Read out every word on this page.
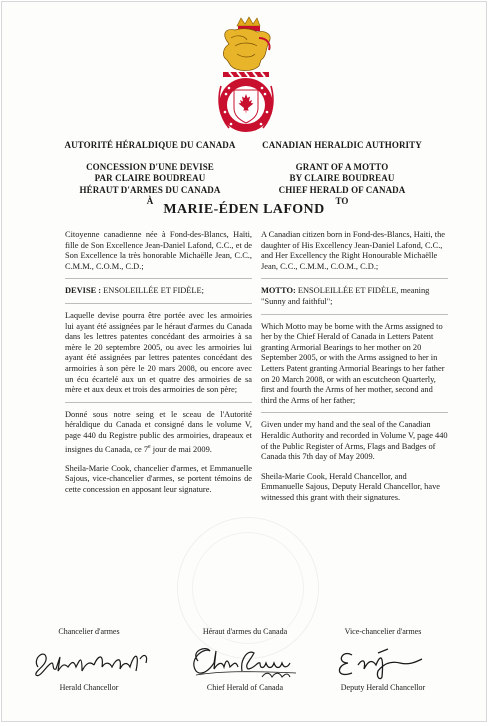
AUTORITÉ HÉRALDIQUE DU CANADA
CONCESSION D'UNE DEVISE
PAR CLAIRE BOUDREAU
HÉRAUT D'ARMES DU CANADA
À
CANADIAN HERALDIC AUTHORITY
GRANT OF A MOTTO
BY CLAIRE BOUDREAU
CHIEF HERALD OF CANADA
TO
MARIE-ÉDEN LAFOND

Citoyenne canadienne née à Fond-des-Blancs, Haïti, fille de Son Excellence Jean-Daniel Lafond, C.C., et de Son Excellence la très honorable Michaëlle Jean, C.C., C.M.M., C.O.M., C.D.;

DEVISE : ENSOLEILLÉE ET FIDÈLE;

Laquelle devise pourra être portée avec les armoiries lui ayant été assignées par le héraut d'armes du Canada dans les lettres patentes concédant des armoiries à sa mère le 20 septembre 2005, ou avec les armoiries lui ayant été assignées par lettres patentes concédant des armoiries à son père le 20 mars 2008, ou encore avec un écu écartelé aux un et quatre des armoiries de sa mère et aux deux et trois des armoiries de son père;

Donné sous notre seing et le sceau de l'Autorité héraldique du Canada et consigné dans le volume V, page 440 du Registre public des armoiries, drapeaux et insignes du Canada, ce 7e jour de mai 2009.

Sheila-Marie Cook, chancelier d'armes, et Emmanuelle Sajous, vice-chancelier d'armes, se portent témoins de cette concession en apposant leur signature.

A Canadian citizen born in Fond-des-Blancs, Haiti, the daughter of His Excellency Jean-Daniel Lafond, C.C., and Her Excellency the Right Honourable Michaëlle Jean, C.C., C.M.M., C.O.M., C.D.;

MOTTO: ENSOLEILLÉE ET FIDÈLE, meaning "Sunny and faithful";

Which Motto may be borne with the Arms assigned to her by the Chief Herald of Canada in Letters Patent granting Armorial Bearings to her mother on 20 September 2005, or with the Arms assigned to her in Letters Patent granting Armorial Bearings to her father on 20 March 2008, or with an escutcheon Quarterly, first and fourth the Arms of her mother, second and third the Arms of her father;

Given under my hand and the seal of the Canadian Heraldic Authority and recorded in Volume V, page 440 of the Public Register of Arms, Flags and Badges of Canada this 7th day of May 2009.

Sheila-Marie Cook, Herald Chancellor, and Emmanuelle Sajous, Deputy Herald Chancellor, have witnessed this grant with their signatures.

Chancelier d'armes
Herald Chancellor
Héraut d'armes du Canada
Chief Herald of Canada
Vice-chancelier d'armes
Deputy Herald Chancellor
